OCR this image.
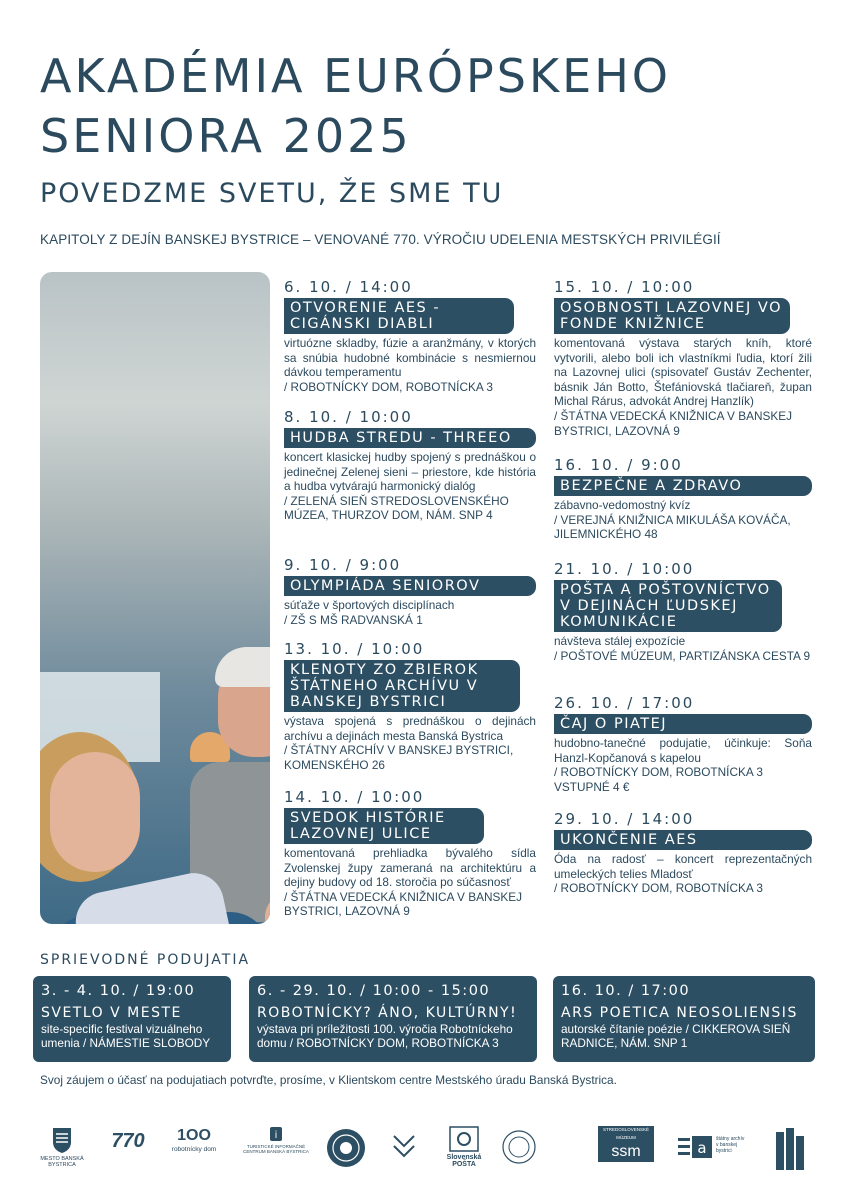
AKADÉMIA EURÓPSKEHO
SENIORA 2025
POVEDZME SVETU, ŽE SME TU
KAPITOLY Z DEJÍN BANSKEJ BYSTRICE – VENOVANÉ 770. VÝROČIU UDELENIA MESTSKÝCH PRIVILÉGIÍ
6. 10. / 14:00
OTVORENIE AES - CIGÁNSKI DIABLI
virtuózne skladby, fúzie a aranžmány, v ktorých sa snúbia hudobné kombinácie s nesmiernou dávkou temperamentu
/ ROBOTNÍCKY DOM, ROBOTNÍCKA 3
8. 10. / 10:00
HUDBA STREDU - THREEO
koncert klasickej hudby spojený s prednáškou o jedinečnej Zelenej sieni – priestore, kde história a hudba vytvárajú harmonický dialóg
/ ZELENÁ SIEŇ STREDOSLOVENSKÉHO MÚZEA, THURZOV DOM, NÁM. SNP 4
9. 10. / 9:00
OLYMPIÁDA SENIOROV
súťaže v športových disciplínach
/ ZŠ S MŠ RADVANSKÁ 1
13. 10. / 10:00
KLENOTY ZO ZBIEROK ŠTÁTNEHO ARCHÍVU V BANSKEJ BYSTRICI
výstava spojená s prednáškou o dejinách archívu a dejinách mesta Banská Bystrica
/ ŠTÁTNY ARCHÍV V BANSKEJ BYSTRICI, KOMENSKÉHO 26
14. 10. / 10:00
SVEDOK HISTÓRIE LAZOVNEJ ULICE
komentovaná prehliadka bývalého sídla Zvolenskej župy zameraná na architektúru a dejiny budovy od 18. storočia po súčasnosť
/ ŠTÁTNA VEDECKÁ KNIŽNICA V BANSKEJ BYSTRICI, LAZOVNÁ 9
15. 10. / 10:00
OSOBNOSTI LAZOVNEJ VO FONDE KNIŽNICE
komentovaná výstava starých kníh, ktoré vytvorili, alebo boli ich vlastníkmi ľudia, ktorí žili na Lazovnej ulici (spisovateľ Gustáv Zechenter, básnik Ján Botto, Štefániovská tlačiareň, župan Michal Rárus, advokát Andrej Hanzlík)
/ ŠTÁTNA VEDECKÁ KNIŽNICA V BANSKEJ BYSTRICI, LAZOVNÁ 9
16. 10. / 9:00
BEZPEČNE A ZDRAVO
zábavno-vedomostný kvíz
/ VEREJNÁ KNIŽNICA MIKULÁŠA KOVÁČA, JILEMNICKÉHO 48
21. 10. / 10:00
POŠTA A POŠTOVNÍCTVO V DEJINÁCH ĽUDSKEJ KOMUNIKÁCIE
návšteva stálej expozície
/ POŠTOVÉ MÚZEUM, PARTIZÁNSKA CESTA 9
26. 10. / 17:00
ČAJ O PIATEJ
hudobno-tanečné podujatie, účinkuje: Soňa Hanzl-Kopčanová s kapelou
/ ROBOTNÍCKY DOM, ROBOTNÍCKA 3
VSTUPNÉ 4 €
29. 10. / 14:00
UKONČENIE AES
Óda na radosť – koncert reprezentačných umeleckých telies Mladosť
/ ROBOTNÍCKY DOM, ROBOTNÍCKA 3
SPRIEVODNÉ PODUJATIA
3. - 4. 10. / 19:00
SVETLO V MESTE
site-specific festival vizuálneho umenia / NÁMESTIE SLOBODY
6. - 29. 10. / 10:00 - 15:00
ROBOTNÍCKY? ÁNO, KULTÚRNY!
výstava pri príležitosti 100. výročia Robotníckeho domu / ROBOTNÍCKY DOM, ROBOTNÍCKA 3
16. 10. / 17:00
ARS POETICA NEOSOLIENSIS
autorské čítanie poézie / CIKKEROVA SIEŇ RADNICE, NÁM. SNP 1
Svoj záujem o účasť na podujatiach potvrďte, prosíme, v Klientskom centre Mestského úradu Banská Bystrica.
MESTO BANSKÁ BYSTRICA
770	1OO
robotnícky dom
i
TURISTICKÉ INFORMAČNÉ CENTRUM BANSKÁ BYSTRICA
Slovenská POŠTA
STREDOSLOVENSKÉ MÚZEUM
ssm	a štátny archív v banskej bystrici
